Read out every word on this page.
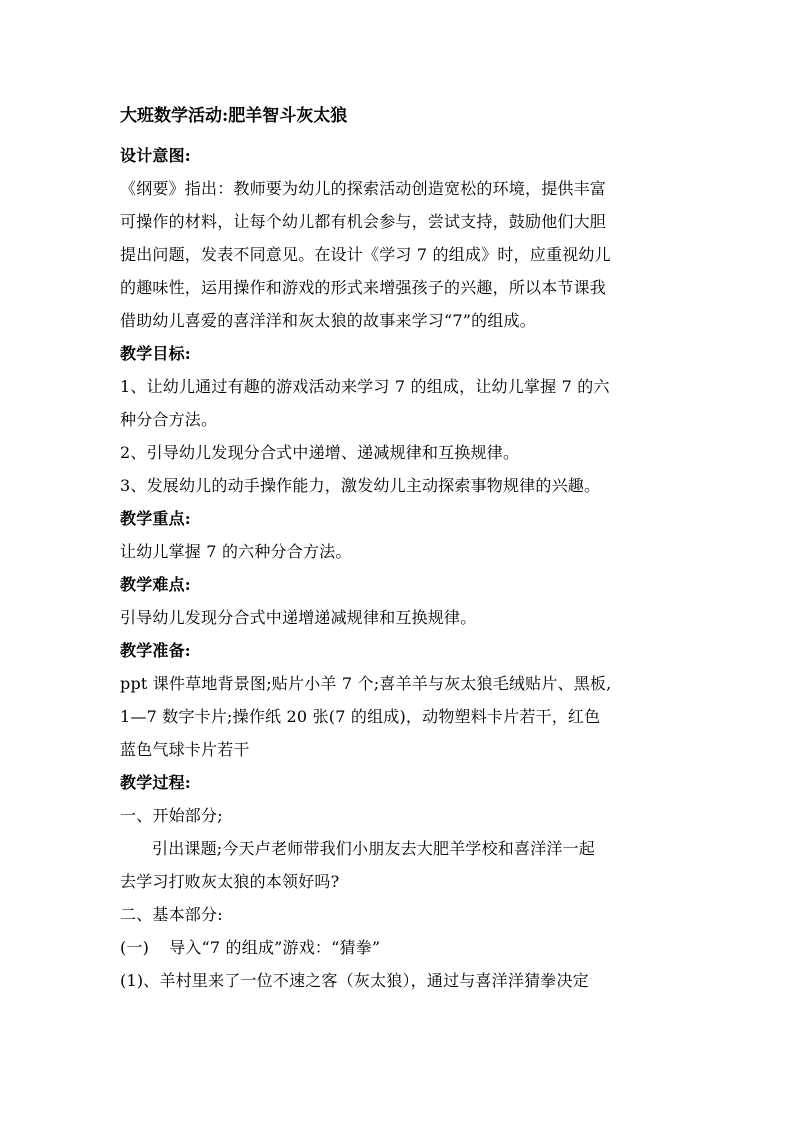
大班数学活动:肥羊智斗灰太狼
设计意图:
《纲要》指出：教师要为幼儿的探索活动创造宽松的环境，提供丰富
可操作的材料，让每个幼儿都有机会参与，尝试支持，鼓励他们大胆
提出问题，发表不同意见。在设计《学习 7 的组成》时，应重视幼儿
的趣味性，运用操作和游戏的形式来增强孩子的兴趣，所以本节课我
借助幼儿喜爱的喜洋洋和灰太狼的故事来学习“7”的组成。
教学目标:
1、让幼儿通过有趣的游戏活动来学习 7 的组成，让幼儿掌握 7 的六
种分合方法。
2、引导幼儿发现分合式中递增、递减规律和互换规律。
3、发展幼儿的动手操作能力，激发幼儿主动探索事物规律的兴趣。
教学重点:
让幼儿掌握 7 的六种分合方法。
教学难点:
引导幼儿发现分合式中递增递减规律和互换规律。
教学准备:
ppt 课件草地背景图;贴片小羊 7 个;喜羊羊与灰太狼毛绒贴片、黑板,
1—7 数字卡片;操作纸 20 张(7 的组成)，动物塑料卡片若干，红色
蓝色气球卡片若干
教学过程:
一、开始部分;
引出课题;今天卢老师带我们小朋友去大肥羊学校和喜洋洋一起
去学习打败灰太狼的本领好吗?
二、基本部分:
(一) 导入“7 的组成”游戏：“猜拳”
(1)、羊村里来了一位不速之客（灰太狼），通过与喜洋洋猜拳决定
